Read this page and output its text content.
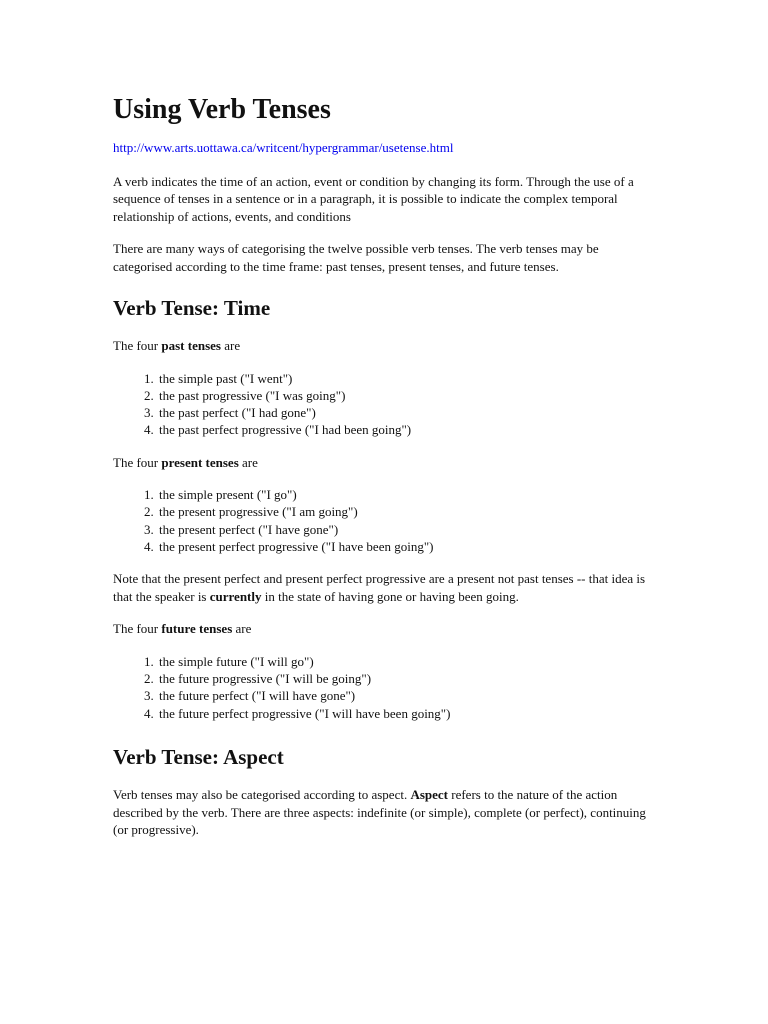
Using Verb Tenses
http://www.arts.uottawa.ca/writcent/hypergrammar/usetense.html

A verb indicates the time of an action, event or condition by changing its form. Through the use of a sequence of tenses in a sentence or in a paragraph, it is possible to indicate the complex temporal relationship of actions, events, and conditions

There are many ways of categorising the twelve possible verb tenses. The verb tenses may be categorised according to the time frame: past tenses, present tenses, and future tenses.

Verb Tense: Time

The four past tenses are

1. the simple past ("I went")
2. the past progressive ("I was going")
3. the past perfect ("I had gone")
4. the past perfect progressive ("I had been going")

The four present tenses are

1. the simple present ("I go")
2. the present progressive ("I am going")
3. the present perfect ("I have gone")
4. the present perfect progressive ("I have been going")

Note that the present perfect and present perfect progressive are a present not past tenses -- that idea is that the speaker is currently in the state of having gone or having been going.

The four future tenses are

1. the simple future ("I will go")
2. the future progressive ("I will be going")
3. the future perfect ("I will have gone")
4. the future perfect progressive ("I will have been going")
Verb Tense: Aspect

Verb tenses may also be categorised according to aspect. Aspect refers to the nature of the action described by the verb. There are three aspects: indefinite (or simple), complete (or perfect), continuing (or progressive).
